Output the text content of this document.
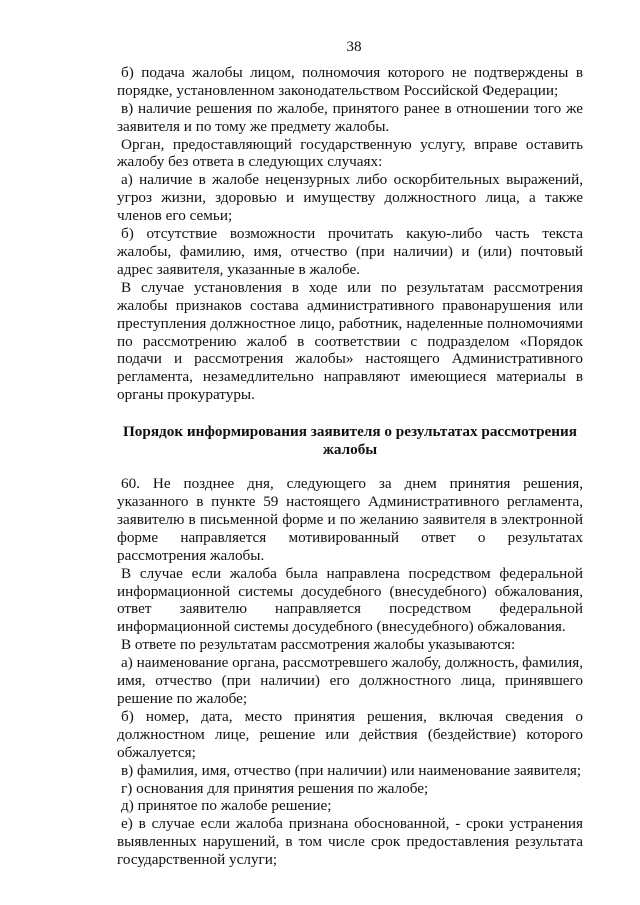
38

б) подача жалобы лицом, полномочия которого не подтверждены в порядке, установленном законодательством Российской Федерации;

в) наличие решения по жалобе, принятого ранее в отношении того же заявителя и по тому же предмету жалобы.

Орган, предоставляющий государственную услугу, вправе оставить жалобу без ответа в следующих случаях:

а) наличие в жалобе нецензурных либо оскорбительных выражений, угроз жизни, здоровью и имуществу должностного лица, а также членов его семьи;

б) отсутствие возможности прочитать какую-либо часть текста жалобы, фамилию, имя, отчество (при наличии) и (или) почтовый адрес заявителя, указанные в жалобе.

В случае установления в ходе или по результатам рассмотрения жалобы признаков состава административного правонарушения или преступления должностное лицо, работник, наделенные полномочиями по рассмотрению жалоб в соответствии с подразделом «Порядок подачи и рассмотрения жалобы» настоящего Административного регламента, незамедлительно направляют имеющиеся материалы в органы прокуратуры.

Порядок информирования заявителя о результатах рассмотрения жалобы

60. Не позднее дня, следующего за днем принятия решения, указанного в пункте 59 настоящего Административного регламента, заявителю в письменной форме и по желанию заявителя в электронной форме направляется мотивированный ответ о результатах рассмотрения жалобы.

В случае если жалоба была направлена посредством федеральной информационной системы досудебного (внесудебного) обжалования, ответ заявителю направляется посредством федеральной информационной системы досудебного (внесудебного) обжалования.

В ответе по результатам рассмотрения жалобы указываются:

а) наименование органа, рассмотревшего жалобу, должность, фамилия, имя, отчество (при наличии) его должностного лица, принявшего решение по жалобе;

б) номер, дата, место принятия решения, включая сведения о должностном лице, решение или действия (бездействие) которого обжалуется;

в) фамилия, имя, отчество (при наличии) или наименование заявителя;

г) основания для принятия решения по жалобе;

д) принятое по жалобе решение;

е) в случае если жалоба признана обоснованной, - сроки устранения выявленных нарушений, в том числе срок предоставления результата государственной услуги;
